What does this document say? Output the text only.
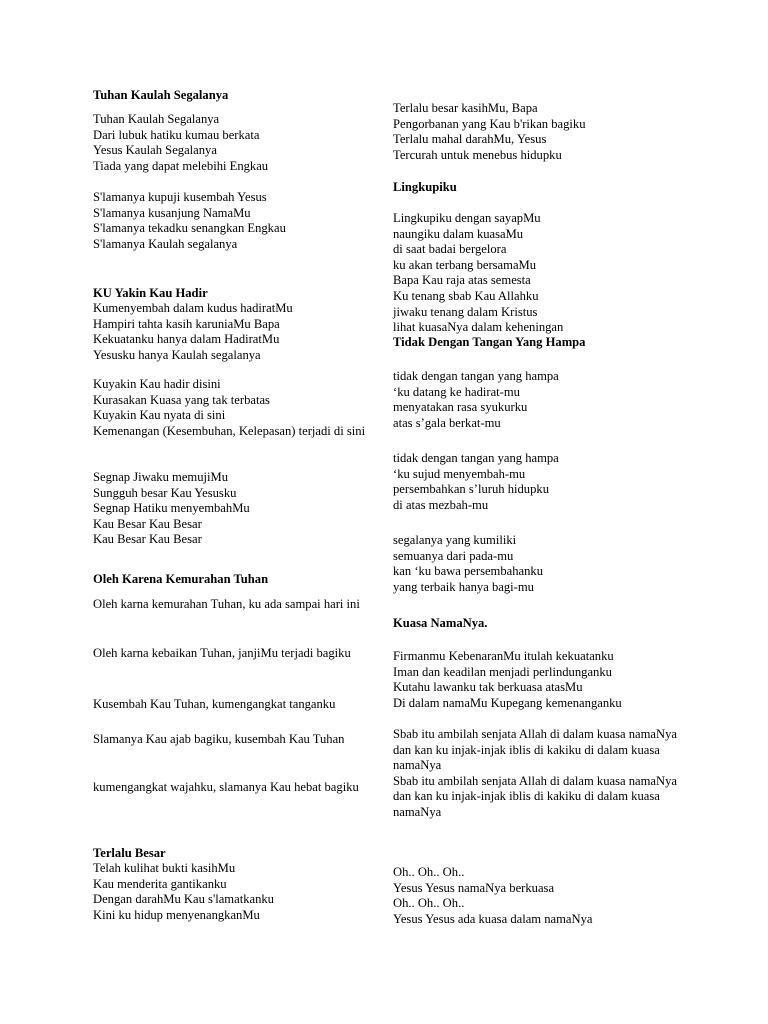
Tuhan Kaulah Segalanya
Tuhan Kaulah Segalanya
Dari lubuk hatiku kumau berkata
Yesus Kaulah Segalanya
Tiada yang dapat melebihi Engkau
S'lamanya kupuji kusembah Yesus
S'lamanya kusanjung NamaMu
S'lamanya tekadku senangkan Engkau
S'lamanya Kaulah segalanya
KU Yakin Kau Hadir
Kumenyembah dalam kudus hadiratMu
Hampiri tahta kasih karuniaMu Bapa
Kekuatanku hanya dalam HadiratMu
Yesusku hanya Kaulah segalanya
Kuyakin Kau hadir disini
Kurasakan Kuasa yang tak terbatas
Kuyakin Kau nyata di sini
Kemenangan (Kesembuhan, Kelepasan) terjadi di sini
Segnap Jiwaku memujiMu
Sungguh besar Kau Yesusku
Segnap Hatiku menyembahMu
Kau Besar Kau Besar
Kau Besar Kau Besar
Oleh Karena Kemurahan Tuhan
Oleh karna kemurahan Tuhan, ku ada sampai hari ini
Oleh karna kebaikan Tuhan, janjiMu terjadi bagiku
Kusembah Kau Tuhan, kumengangkat tanganku
Slamanya Kau ajab bagiku, kusembah Kau Tuhan
kumengangkat wajahku, slamanya Kau hebat bagiku
Terlalu Besar
Telah kulihat bukti kasihMu
Kau menderita gantikanku
Dengan darahMu Kau s'lamatkanku
Kini ku hidup menyenangkanMu
Terlalu besar kasihMu, Bapa
Pengorbanan yang Kau b'rikan bagiku
Terlalu mahal darahMu, Yesus
Tercurah untuk menebus hidupku
Lingkupiku
Lingkupiku dengan sayapMu
naungiku dalam kuasaMu
di saat badai bergelora
ku akan terbang bersamaMu
Bapa Kau raja atas semesta
Ku tenang sbab Kau Allahku
jiwaku tenang dalam Kristus
lihat kuasaNya dalam keheningan
Tidak Dengan Tangan Yang Hampa
tidak dengan tangan yang hampa
‘ku datang ke hadirat-mu
menyatakan rasa syukurku
atas s’gala berkat-mu
tidak dengan tangan yang hampa
‘ku sujud menyembah-mu
persembahkan s’luruh hidupku
di atas mezbah-mu
segalanya yang kumiliki
semuanya dari pada-mu
kan ‘ku bawa persembahanku
yang terbaik hanya bagi-mu
Kuasa NamaNya.
Firmanmu KebenaranMu itulah kekuatanku
Iman dan keadilan menjadi perlindunganku
Kutahu lawanku tak berkuasa atasMu
Di dalam namaMu Kupegang kemenanganku
Sbab itu ambilah senjata Allah di dalam kuasa namaNya
dan kan ku injak-injak iblis di kakiku di dalam kuasa namaNya
Sbab itu ambilah senjata Allah di dalam kuasa namaNya
dan kan ku injak-injak iblis di kakiku di dalam kuasa namaNya
Oh.. Oh.. Oh..
Yesus Yesus namaNya berkuasa
Oh.. Oh.. Oh..
Yesus Yesus ada kuasa dalam namaNya
